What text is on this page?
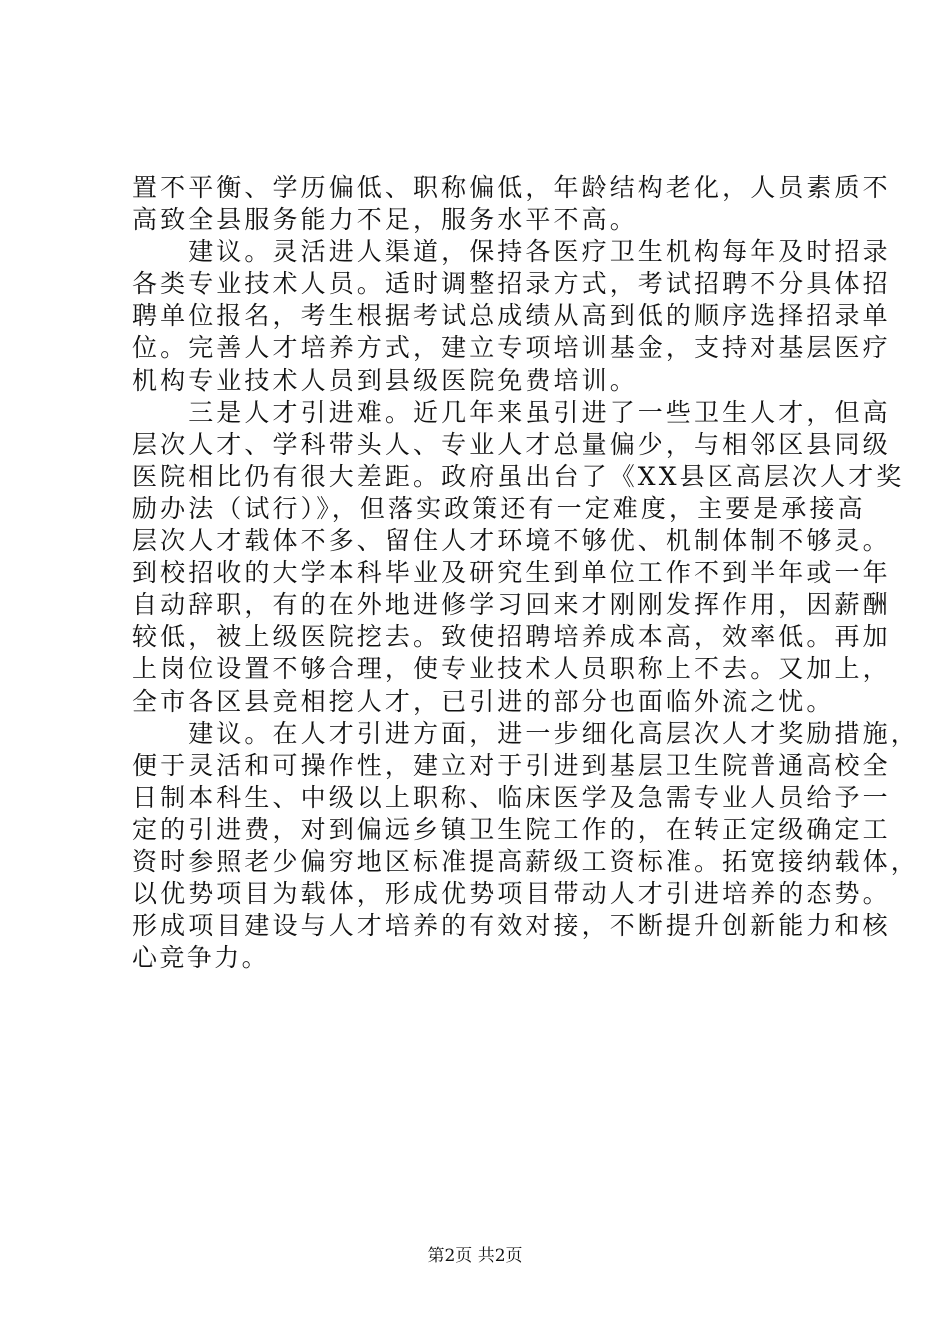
置不平衡、学历偏低、职称偏低，年龄结构老化，人员素质不
高致全县服务能力不足，服务水平不高。
　　建议。灵活进人渠道，保持各医疗卫生机构每年及时招录
各类专业技术人员。适时调整招录方式，考试招聘不分具体招
聘单位报名，考生根据考试总成绩从高到低的顺序选择招录单
位。完善人才培养方式，建立专项培训基金，支持对基层医疗
机构专业技术人员到县级医院免费培训。
　　三是人才引进难。近几年来虽引进了一些卫生人才，但高
层次人才、学科带头人、专业人才总量偏少，与相邻区县同级
医院相比仍有很大差距。政府虽出台了《XX县区高层次人才奖
励办法（试行）》，但落实政策还有一定难度，主要是承接高
层次人才载体不多、留住人才环境不够优、机制体制不够灵。
到校招收的大学本科毕业及研究生到单位工作不到半年或一年
自动辞职，有的在外地进修学习回来才刚刚发挥作用，因薪酬
较低，被上级医院挖去。致使招聘培养成本高，效率低。再加
上岗位设置不够合理，使专业技术人员职称上不去。又加上，
全市各区县竞相挖人才，已引进的部分也面临外流之忧。
　　建议。在人才引进方面，进一步细化高层次人才奖励措施，
便于灵活和可操作性，建立对于引进到基层卫生院普通高校全
日制本科生、中级以上职称、临床医学及急需专业人员给予一
定的引进费，对到偏远乡镇卫生院工作的，在转正定级确定工
资时参照老少偏穷地区标准提高薪级工资标准。拓宽接纳载体，
以优势项目为载体，形成优势项目带动人才引进培养的态势。
形成项目建设与人才培养的有效对接，不断提升创新能力和核
心竞争力。
第2页 共2页
